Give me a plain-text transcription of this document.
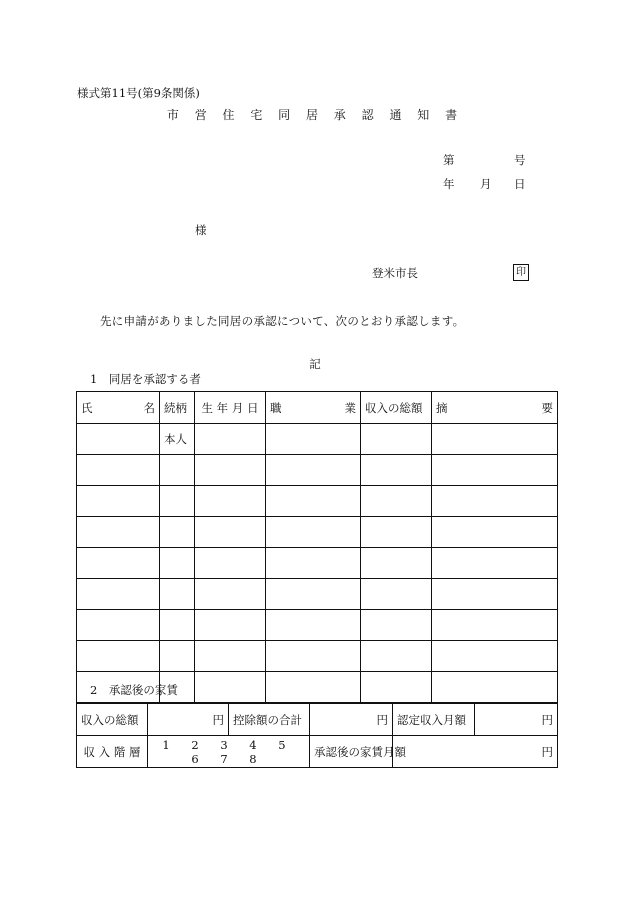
様式第11号(第9条関係)
市 営 住 宅 同 居 承 認 通 知 書
第	号
年 月 日
様
登米市長	印
先に申請がありました同居の承認について、次のとおり承認します。
記
1　同居を承認する者
氏 名	続柄	生 年 月 日	職 業	収入の総額	摘 要

	本人				

2　承認後の家賃
収入の総額	円	控除額の合計	円	認定収入月額	円
収 入 階 層	1 2 3 4 5 6 7 8		承認後の家賃月額	円	
